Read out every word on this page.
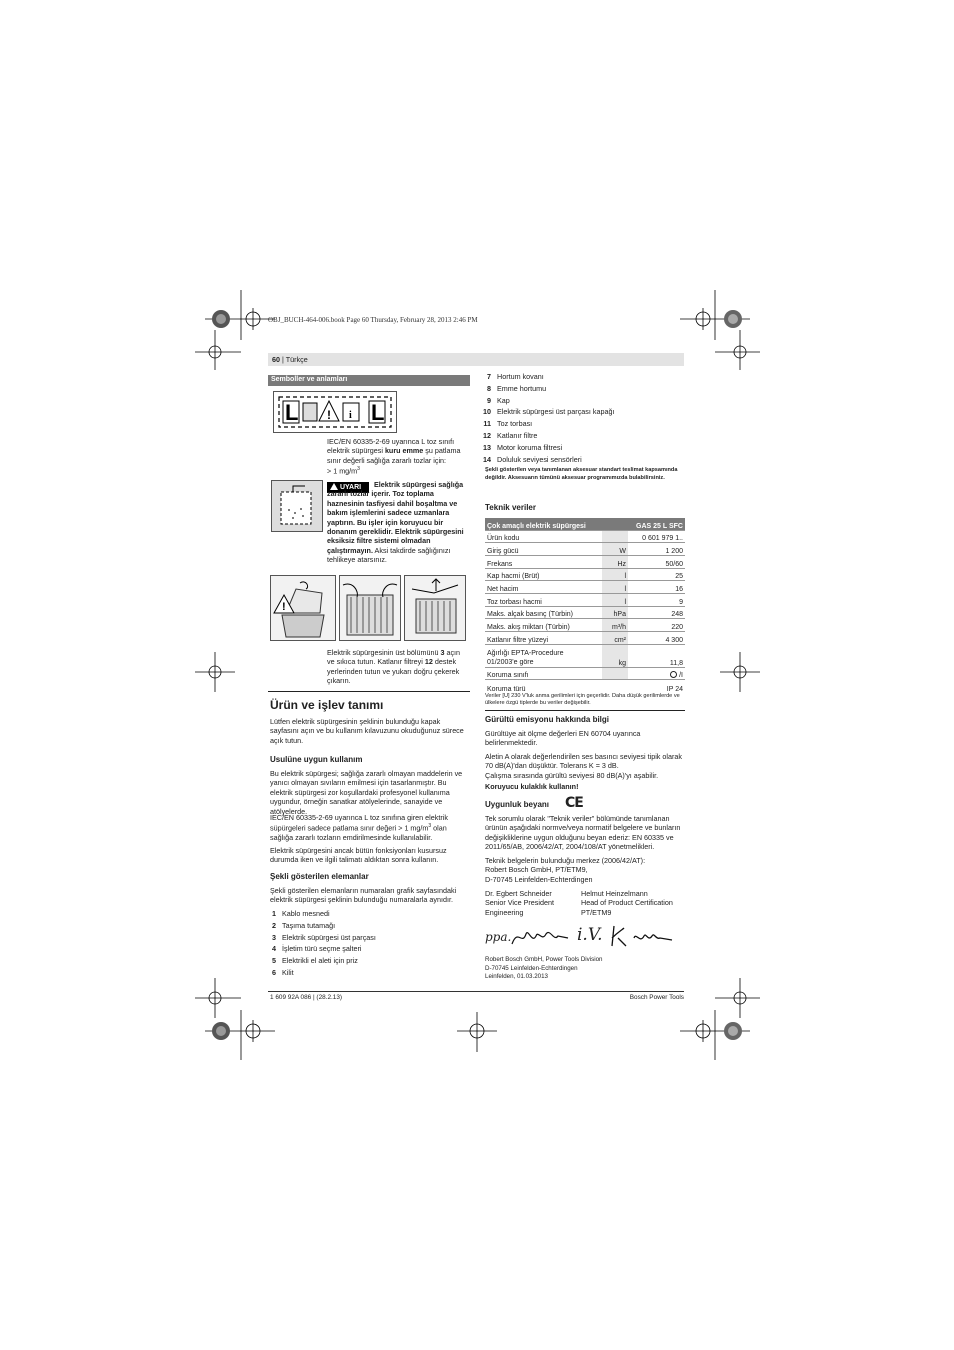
OBJ_BUCH-464-006.book Page 60 Thursday, February 28, 2013 2:46 PM
60 | Türkçe
Semboller ve anlamları
L ! i L
IEC/EN 60335-2-69 uyarınca L toz sınıfı elektrik süpürgesi kuru emme şu patlama sınır değerli sağlığa zararlı tozlar için:
> 1 $mg/m^3$
UYARI	Elektrik süpürgesi sağlığa zararlı tozlar içerir. Toz toplama haznesinin tasfiyesi dahil boşaltma ve bakım işlemlerini sadece uzmanlara yaptırın. Bu işler için koruyucu bir donanım gereklidir. Elektrik süpürgesini eksiksiz filtre sistemi olmadan çalıştırmayın. Aksi takdirde sağlığınızı tehlikeye atarsınız.
!
Elektrik süpürgesinin üst bölümünü 3 açın ve sıkıca tutun. Katlanır filtreyi 12 destek yerlerinden tutun ve yukarı doğru çekerek çıkarın.
Ürün ve işlev tanımı
Lütfen elektrik süpürgesinin şeklinin bulunduğu kapak sayfasını açın ve bu kullanım kılavuzunu okuduğunuz sürece açık tutun.
Usulüne uygun kullanım
Bu elektrik süpürgesi; sağlığa zararlı olmayan maddelerin ve yanıcı olmayan sıvıların emilmesi için tasarlanmıştır. Bu elektrik süpürgesi zor koşullardaki profesyonel kullanıma uygundur, örneğin sanatkar atölyelerinde, sanayide ve atölyelerde.
IEC/EN 60335-2-69 uyarınca L toz sınıfına giren elektrik süpürgeleri sadece patlama sınır değeri > 1 $mg/m^3$ olan sağlığa zararlı tozların emdirilmesinde kullanılabilir.
Elektrik süpürgesini ancak bütün fonksiyonları kusursuz durumda iken ve ilgili talimatı aldıktan sonra kullanın.
Şekli gösterilen elemanlar
Şekli gösterilen elemanların numaraları grafik sayfasındaki elektrik süpürgesi şeklinin bulunduğu numaralarla aynıdır.
1 Kablo mesnedi
2 Taşıma tutamağı
3 Elektrik süpürgesi üst parçası
4 İşletim türü seçme şalteri
5 Elektrikli el aleti için priz
6 Kilit
7 Hortum kovanı
8 Emme hortumu
9 Kap
10 Elektrik süpürgesi üst parçası kapağı
11 Toz torbası
12 Katlanır filtre
13 Motor koruma filtresi
14 Doluluk seviyesi sensörleri
Şekli gösterilen veya tanımlanan aksesuar standart teslimat kapsamında değildir. Aksesuarın tümünü aksesuar programımızda bulabilirsiniz.
Teknik veriler
Çok amaçlı elektrik süpürgesi		GAS 25 L SFC
Ürün kodu		0 601 979 1..
Giriş gücü	W	1 200
Frekans	Hz	50/60
Kap hacmi (Brüt)	l	25
Net hacim	l	16
Toz torbası hacmi	l	9
Maks. alçak basınç (Türbin)	hPa	248
Maks. akış miktarı (Türbin)	m³/h	220
Katlanır filtre yüzeyi	cm²	4 300
Ağırlığı EPTA-Procedure
01/2003'e göre	kg	11,8
Koruma sınıfı		/I
Koruma türü		IP 24
Veriler [U] 230 V'luk anma gerilimleri için geçerlidir. Daha düşük gerilimlerde ve ülkelere özgü tiplerde bu veriler değişebilir.
Gürültü emisyonu hakkında bilgi
Gürültüye ait ölçme değerleri EN 60704 uyarınca belirlenmektedir.
Aletin A olarak değerlendirilen ses basıncı seviyesi tipik olarak 70 dB(A)'dan düşüktür. Tolerans K = 3 dB.
Çalışma sırasında gürültü seviyesi 80 dB(A)'yı aşabilir.
Koruyucu kulaklık kullanın!
Uygunluk beyanı CE
Tek sorumlu olarak "Teknik veriler" bölümünde tanımlanan ürünün aşağıdaki normve/veya normatif belgelere ve bunların değişikliklerine uygun olduğunu beyan ederiz: EN 60335 ve 2011/65/AB, 2006/42/AT, 2004/108/AT yönetmelikleri.
Teknik belgelerin bulunduğu merkez (2006/42/AT):
Robert Bosch GmbH, PT/ETM9,
D-70745 Leinfelden-Echterdingen
Dr. Egbert Schneider
Senior Vice President
Engineering
Helmut Heinzelmann
Head of Product Certification
PT/ETM9
ppa.	i.V.
Robert Bosch GmbH, Power Tools Division
D-70745 Leinfelden-Echterdingen
Leinfelden, 01.03.2013
1 609 92A 086 | (28.2.13)	Bosch Power Tools
